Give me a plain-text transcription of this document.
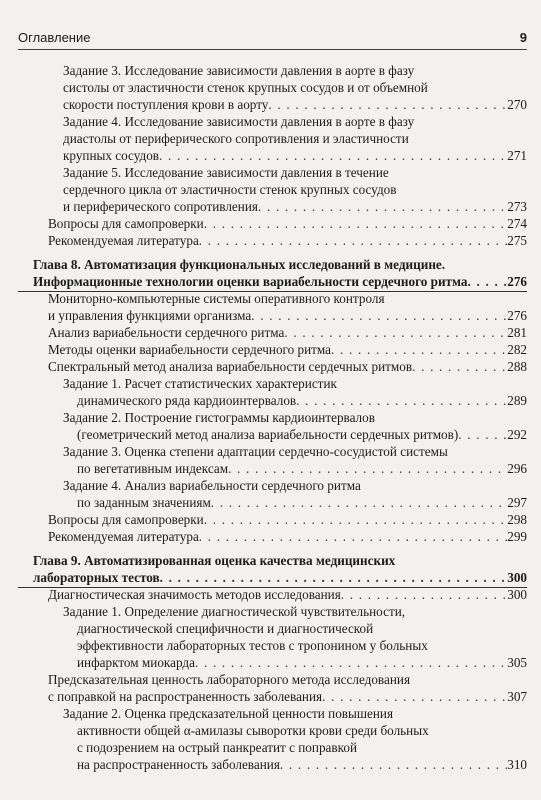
Оглавление	9
Задание 3. Исследование зависимости давления в аорте в фазу
систолы от эластичности стенок крупных сосудов и от объемной
скорости поступления крови в аорту . . .	270
Задание 4. Исследование зависимости давления в аорте в фазу
диастолы от периферического сопротивления и эластичности
крупных сосудов . . .	271
Задание 5. Исследование зависимости давления в течение
сердечного цикла от эластичности стенок крупных сосудов
и периферического сопротивления . . .	273
Вопросы для самопроверки . . .	274
Рекомендуемая литература . . .	275
Глава 8. Автоматизация функциональных исследований в медицине.
Информационные технологии оценки вариабельности сердечного ритма . . .	276
Мониторно-компьютерные системы оперативного контроля
и управления функциями организма . . .	276
Анализ вариабельности сердечного ритма . . .	281
Методы оценки вариабельности сердечного ритма . . .	282
Спектральный метод анализа вариабельности сердечных ритмов . . .	288
Задание 1. Расчет статистических характеристик
динамического ряда кардиоинтервалов . . .	289
Задание 2. Построение гистограммы кардиоинтервалов
(геометрический метод анализа вариабельности сердечных ритмов) . . .	292
Задание 3. Оценка степени адаптации сердечно-сосудистой системы
по вегетативным индексам . . .	296
Задание 4. Анализ вариабельности сердечного ритма
по заданным значениям . . .	297
Вопросы для самопроверки . . .	298
Рекомендуемая литература . . .	299
Глава 9. Автоматизированная оценка качества медицинских
лабораторных тестов . . .	300
Диагностическая значимость методов исследования . . .	300
Задание 1. Определение диагностической чувствительности,
диагностической специфичности и диагностической
эффективности лабораторных тестов с тропонином у больных
инфарктом миокарда . . .	305
Предсказательная ценность лабораторного метода исследования
с поправкой на распространенность заболевания . . .	307
Задание 2. Оценка предсказательной ценности повышения
активности общей α-амилазы сыворотки крови среди больных
с подозрением на острый панкреатит с поправкой
на распространенность заболевания . . .	310
